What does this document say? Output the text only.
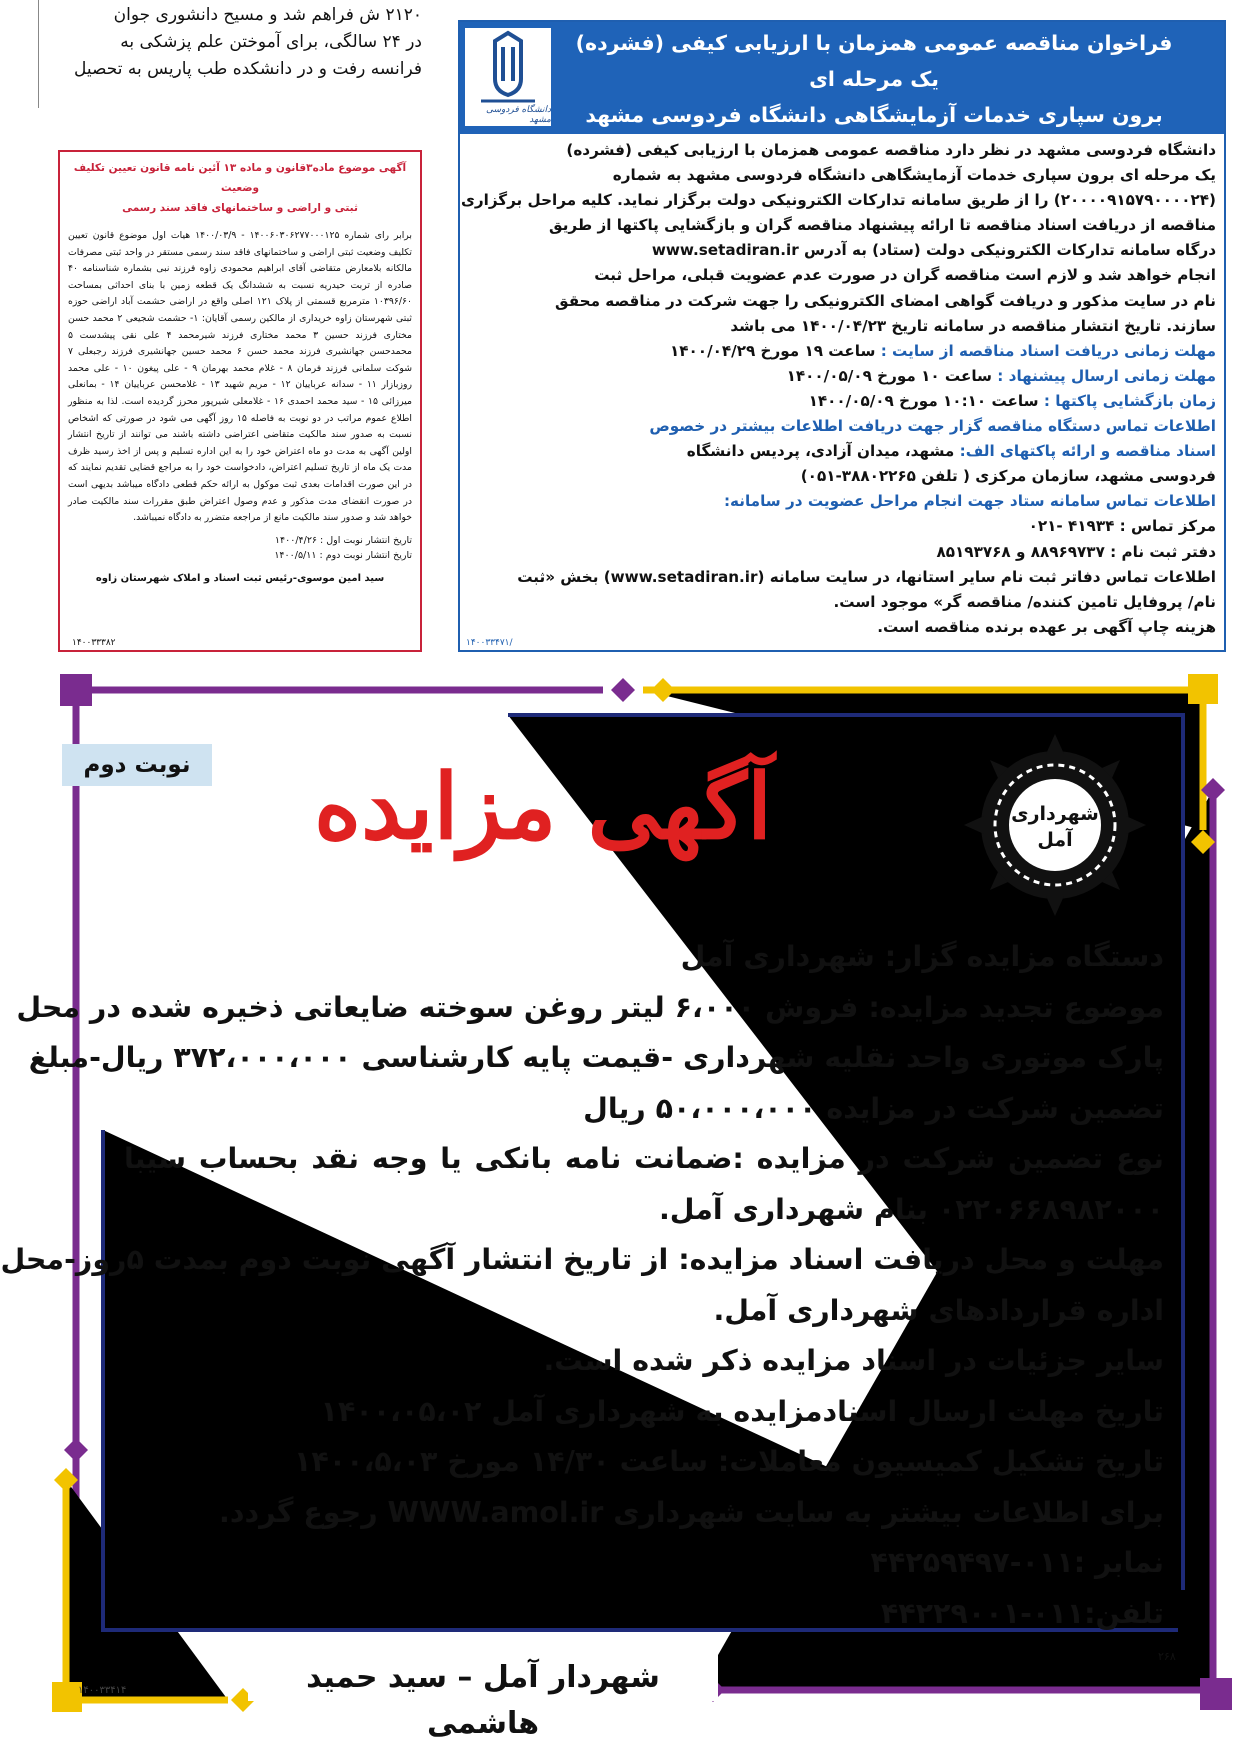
۲۱۲۰ ش فراهم شد و مسیح دانشوری جوان

در ۲۴ سالگی، برای آموختن علم پزشکی به

فرانسه رفت و در دانشکده طب پاریس به تحصیل

آگهی موضوع ماده۳قانون و ماده ۱۳ آئین نامه قانون تعیین تکلیف وضعیت
ثبتی و اراضی و ساختمانهای فاقد سند رسمی
برابر رای شماره ۱۴۰۰۶۰۳۰۶۲۷۷۰۰۰۱۲۵ - ۱۴۰۰/۰۳/۹ هیات اول موضوع قانون تعیین تکلیف وضعیت ثبتی اراضی و ساختمانهای فاقد سند رسمی مستقر در واحد ثبتی مصرفات مالکانه بلامعارض متقاضی آقای ابراهیم محمودی زاوه فرزند نبی بشماره شناسنامه ۴۰ صادره از تربت حیدریه نسبت به ششدانگ یک قطعه زمین با بنای احداثی بمساحت ۱۰۳۹۶/۶۰ مترمربع قسمتی از پلاک ۱۲۱ اصلی واقع در اراضی حشمت آباد اراضی حوزه ثبتی شهرستان زاوه خریداری از مالکین رسمی آقایان: ۱- حشمت شجیعی ۲ محمد حسن مختاری فرزند حسین ۳ محمد مختاری فرزند شیرمحمد ۴ علی نقی پیشدست ۵ محمدحسن جهانشیری فرزند محمد حسن ۶ محمد حسین جهانشیری فرزند رجبعلی ۷ شوکت سلمانی فرزند فرمان ۸ - غلام محمد بهرمان ۹ - علی پیغون ۱۰ - علی محمد روزبازار ۱۱ - سدانه عرباییان ۱۲ - مریم شهید ۱۳ - غلامحسن عرباییان ۱۴ - بمانعلی میرزائی ۱۵ - سید محمد احمدی ۱۶ - غلامعلی شیرپور محرز گردیده است. لذا به منظور اطلاع عموم مراتب در دو نوبت به فاصله ۱۵ روز آگهی می شود در صورتی که اشخاص نسبت به صدور سند مالکیت متقاضی اعتراضی داشته باشند می توانند از تاریخ انتشار اولین آگهی به مدت دو ماه اعتراض خود را به این اداره تسلیم و پس از اخذ رسید ظرف مدت یک ماه از تاریخ تسلیم اعتراض، دادخواست خود را به مراجع قضایی تقدیم نمایند که در این صورت اقدامات بعدی ثبت موکول به ارائه حکم قطعی دادگاه میباشد بدیهی است در صورت انقضای مدت مذکور و عدم وصول اعتراض طبق مقررات سند مالکیت صادر خواهد شد و صدور سند مالکیت مانع از مراجعه متضرر به دادگاه نمیباشد.
تاریخ انتشار نوبت اول : ۱۴۰۰/۴/۲۶
تاریخ انتشار نوبت دوم : ۱۴۰۰/۵/۱۱
سید امین موسوی-رئیس ثبت اسناد و املاک شهرستان زاوه
۱۴۰۰۳۳۳۸۲
فراخوان مناقصه عمومی همزمان با ارزیابی کیفی (فشرده)
یک مرحله ای
برون سپاری خدمات آزمایشگاهی دانشگاه فردوسی مشهد
دانشگاه فردوسی مشهد

دانشگاه فردوسی مشهد در نظر دارد مناقصه عمومی همزمان با ارزیابی کیفی (فشرده)

یک مرحله ای برون سپاری خدمات آزمایشگاهی دانشگاه فردوسی مشهد به شماره

(۲۰۰۰۰۹۱۵۷۹۰۰۰۰۲۴) را از طریق سامانه تدارکات الکترونیکی دولت برگزار نماید. کلیه مراحل برگزاری

مناقصه از دریافت اسناد مناقصه تا ارائه پیشنهاد مناقصه گران و بازگشایی پاکتها از طریق

درگاه سامانه تدارکات الکترونیکی دولت (ستاد) به آدرس www.setadiran.ir

انجام خواهد شد و لازم است مناقصه گران در صورت عدم عضویت قبلی، مراحل ثبت

نام در سایت مذکور و دریافت گواهی امضای الکترونیکی را جهت شرکت در مناقصه محقق

سازند. تاریخ انتشار مناقصه در سامانه تاریخ ۱۴۰۰/۰۴/۲۳ می باشد

مهلت زمانی دریافت اسناد مناقصه از سایت : ساعت ۱۹ مورخ ۱۴۰۰/۰۴/۲۹

مهلت زمانی ارسال پیشنهاد : ساعت ۱۰ مورخ ۱۴۰۰/۰۵/۰۹

زمان بازگشایی پاکتها : ساعت ۱۰:۱۰ مورخ ۱۴۰۰/۰۵/۰۹

اطلاعات تماس دستگاه مناقصه گزار جهت دریافت اطلاعات بیشتر در خصوص

اسناد مناقصه و ارائه پاکتهای الف: مشهد، میدان آزادی، پردیس دانشگاه

فردوسی مشهد، سازمان مرکزی ( تلفن ۳۸۸۰۲۲۶۵-۰۵۱)

اطلاعات تماس سامانه ستاد جهت انجام مراحل عضویت در سامانه:

مرکز تماس : ۴۱۹۳۴ -۰۲۱

دفتر ثبت نام : ۸۸۹۶۹۷۳۷ و ۸۵۱۹۳۷۶۸

اطلاعات تماس دفاتر ثبت نام سایر استانها، در سایت سامانه (www.setadiran.ir) بخش «ثبت

نام/ پروفایل تامین کننده/ مناقصه گر» موجود است.

هزینه چاپ آگهی بر عهده برنده مناقصه است.

۱۴۰۰۳۳۴۷۱/
نوبت دوم	آگهی مزایده	شهرداری
آمل

دستگاه مزایده گزار: شهرداری آمل

موضوع تجدید مزایده: فروش ۶،۰۰۰ لیتر روغن سوخته ضایعاتی ذخیره شده در محل

پارک موتوری واحد نقلیه شهرداری -قیمت پایه کارشناسی ۳۷۲،۰۰۰،۰۰۰ ریال-مبلغ

تضمین شرکت در مزایده ۵۰،۰۰۰،۰۰۰ ریال

نوع تضمین شرکت در مزایده :ضمانت نامه بانکی یا وجه نقد بحساب سیبا

۰۲۲۰۶۶۸۹۸۲۰۰۰ بنام شهرداری آمل.

مهلت و محل دریافت اسناد مزایده: از تاریخ انتشار آگهی نوبت دوم بمدت ۵روز-محل

اداره قراردادهای شهرداری آمل.

سایر جزئیات در اسناد مزایده ذکر شده است.

تاریخ مهلت ارسال اسنادمزایده به شهرداری آمل ۱۴۰۰،۰۵،۰۲

تاریخ تشکیل کمیسیون معاملات: ساعت ۱۴/۳۰ مورخ ۱۴۰۰،۵،۰۳

برای اطلاعات بیشتر به سایت شهرداری WWW.amol.ir رجوع گردد.

نمابر :۰۱۱-۴۴۲۵۹۴۹۷

تلفن:۰۱۱-۴۴۲۲۹۰۰۱

شهردار آمل – سید حمید هاشمی
۲۶۸
۱۴۰۰۳۳۴۱۴
